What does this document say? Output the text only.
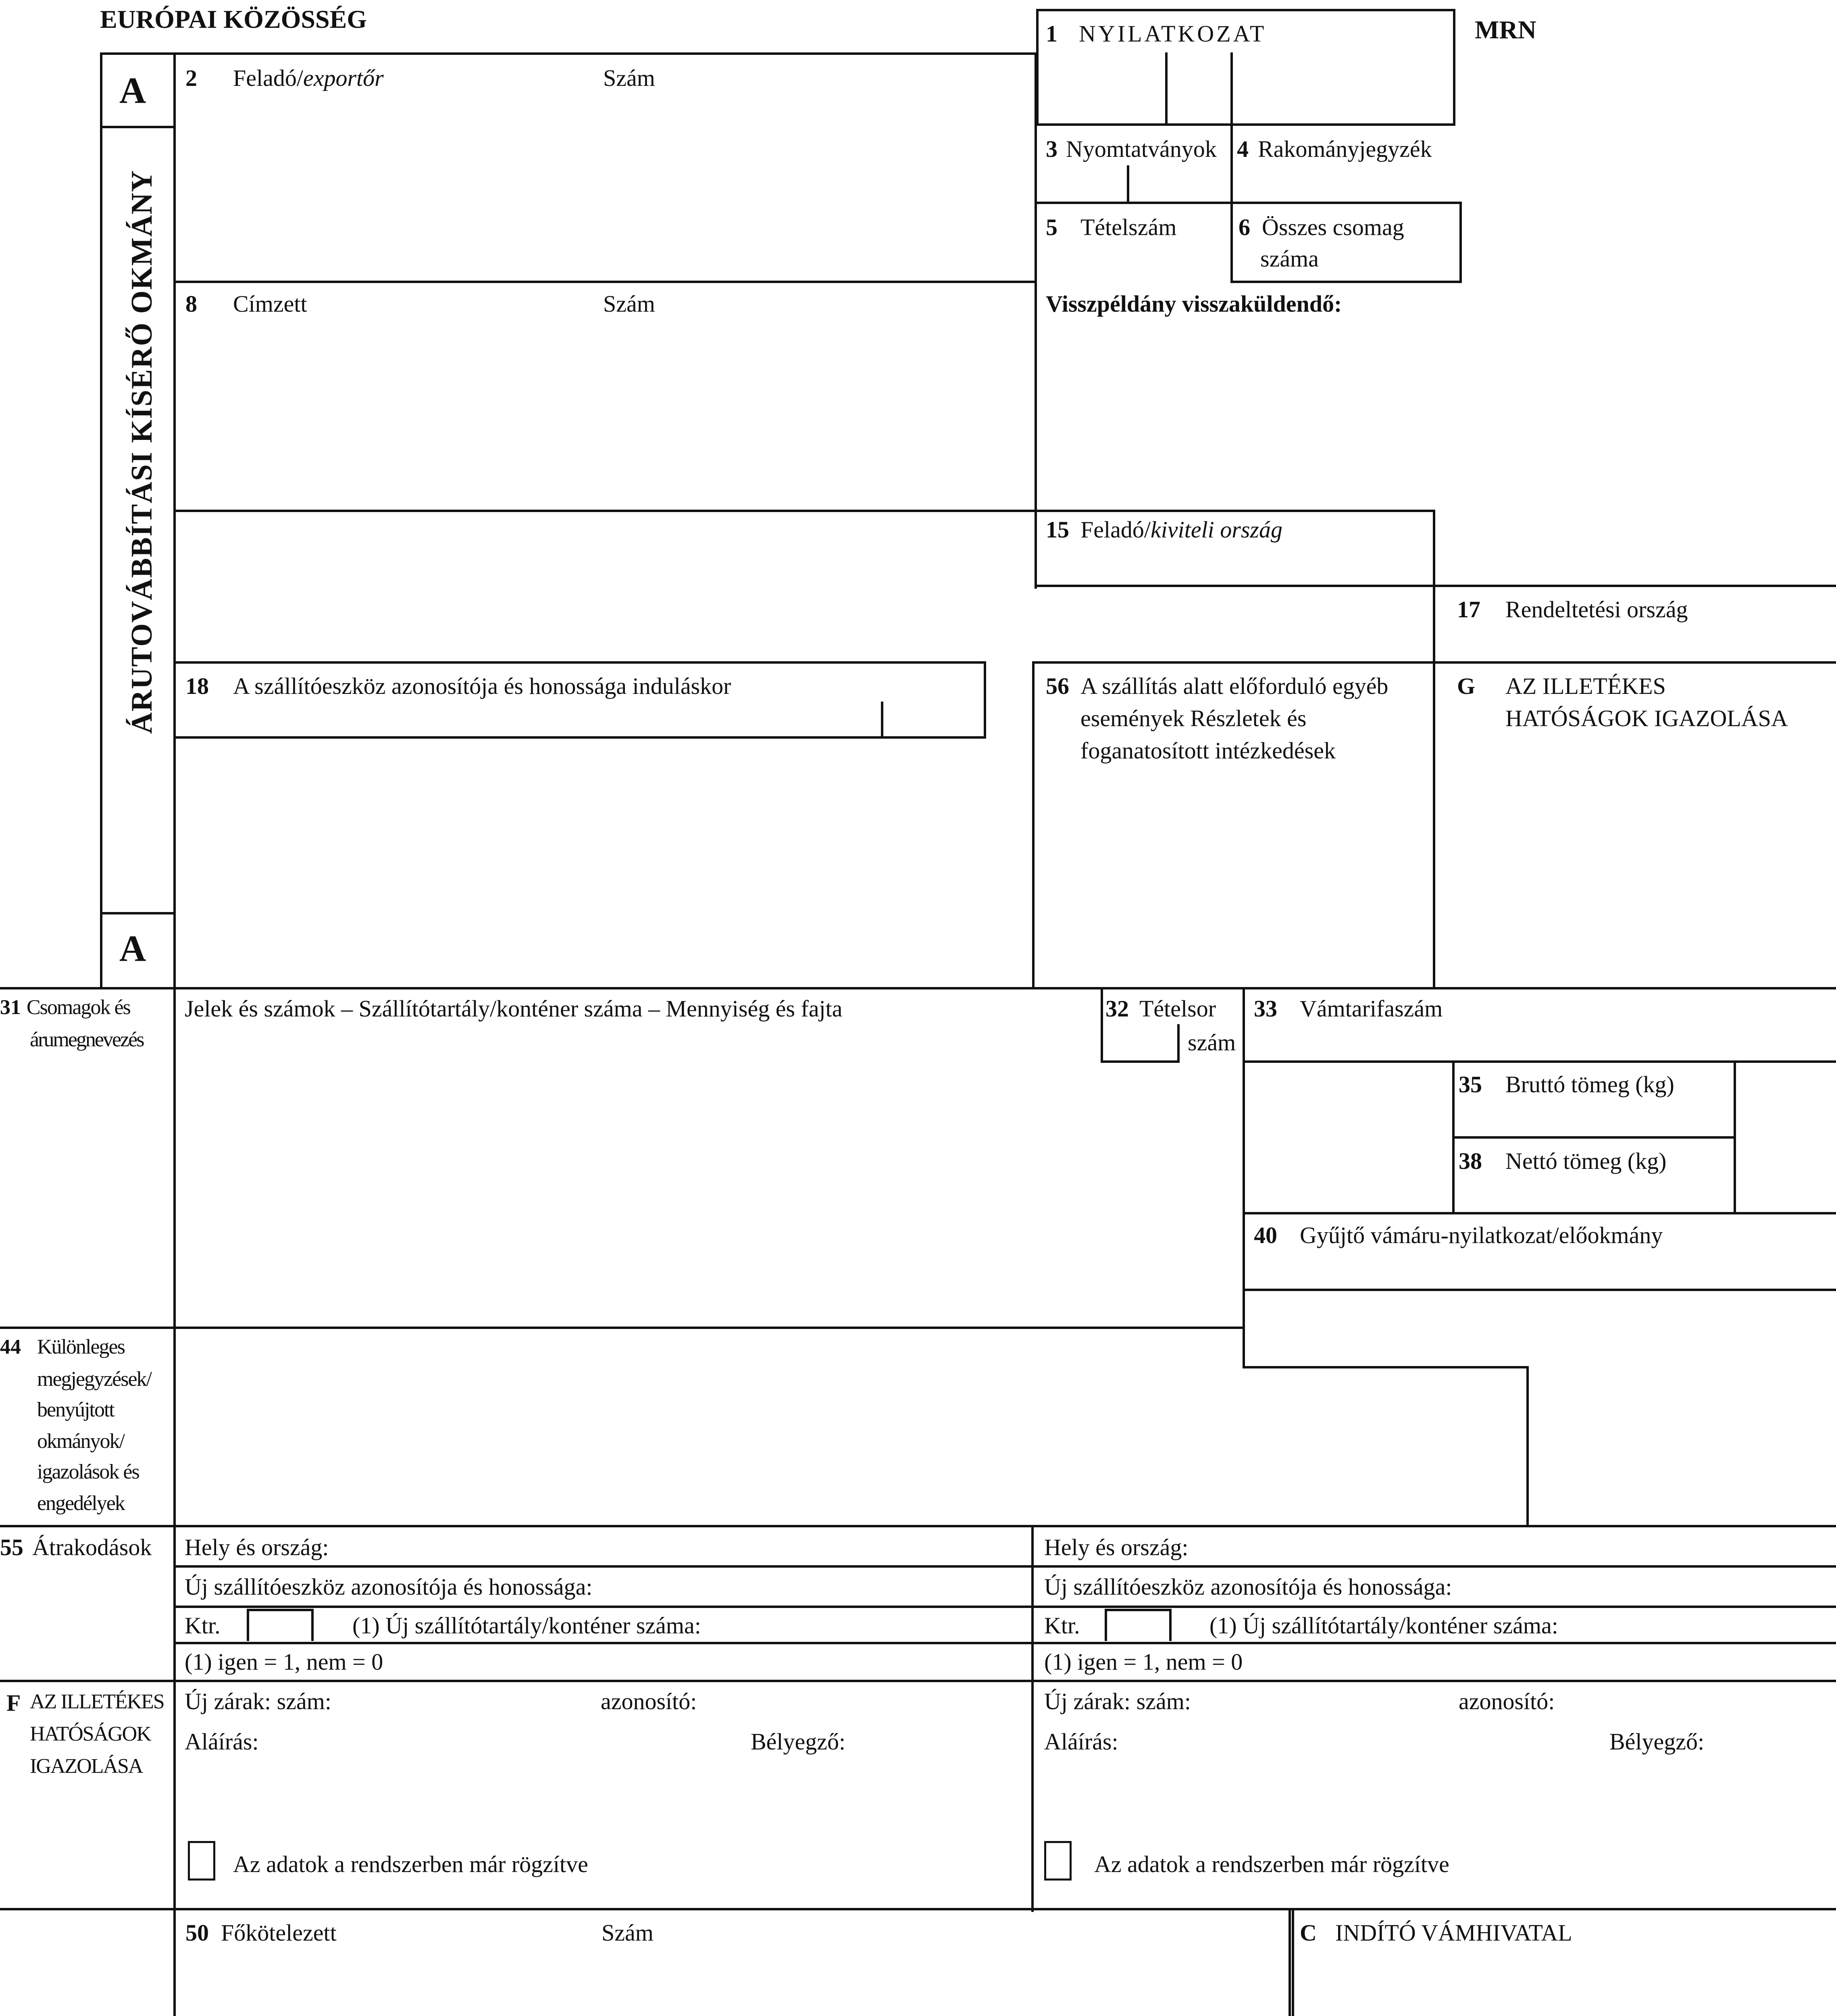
EURÓPAI KÖZÖSSÉG	MRN
A
A
ÁRUTOVÁBBÍTÁSI KÍSÉRŐ OKMÁNY
1 NYILATKOZAT
2 Feladó/exportőr	Szám
3 Nyomtatványok 4 Rakományjegyzék
5 Tételszám	6 Összes csomag
száma
8 Címzett	Szám	Visszpéldány visszaküldendő:
15 Feladó/kiviteli ország
17 Rendeltetési ország
18 A szállítóeszköz azonosítója és honossága induláskor	56 A szállítás alatt előforduló egyéb
események Részletek és
foganatosított intézkedések
G AZ ILLETÉKES
HATÓSÁGOK IGAZOLÁSA
31 Csomagok és
árumegnevezés
Jelek és számok – Szállítótartály/konténer száma – Mennyiség és fajta	32 Tételsor
szám
33 Vámtarifaszám
35 Bruttó tömeg (kg)
38 Nettó tömeg (kg)
40 Gyűjtő vámáru-nyilatkozat/előokmány
44 Különleges
megjegyzések/
benyújtott
okmányok/
igazolások és
engedélyek
55 Átrakodások Hely és ország:
Új szállítóeszköz azonosítója és honossága:
Ktr.	(1) Új szállítótartály/konténer száma:
(1) igen = 1, nem = 0
Hely és ország:
Új szállítóeszköz azonosítója és honossága:
Ktr.	(1) Új szállítótartály/konténer száma:
(1) igen = 1, nem = 0
F AZ ILLETÉKES
HATÓSÁGOK
IGAZOLÁSA
Új zárak: szám:	azonosító:
Aláírás:	Bélyegző:
Az adatok a rendszerben már rögzítve
Új zárak: szám:	azonosító:
Aláírás:	Bélyegző:
Az adatok a rendszerben már rögzítve
50 Főkötelezett	Szám	C INDÍTÓ VÁMHIVATAL
